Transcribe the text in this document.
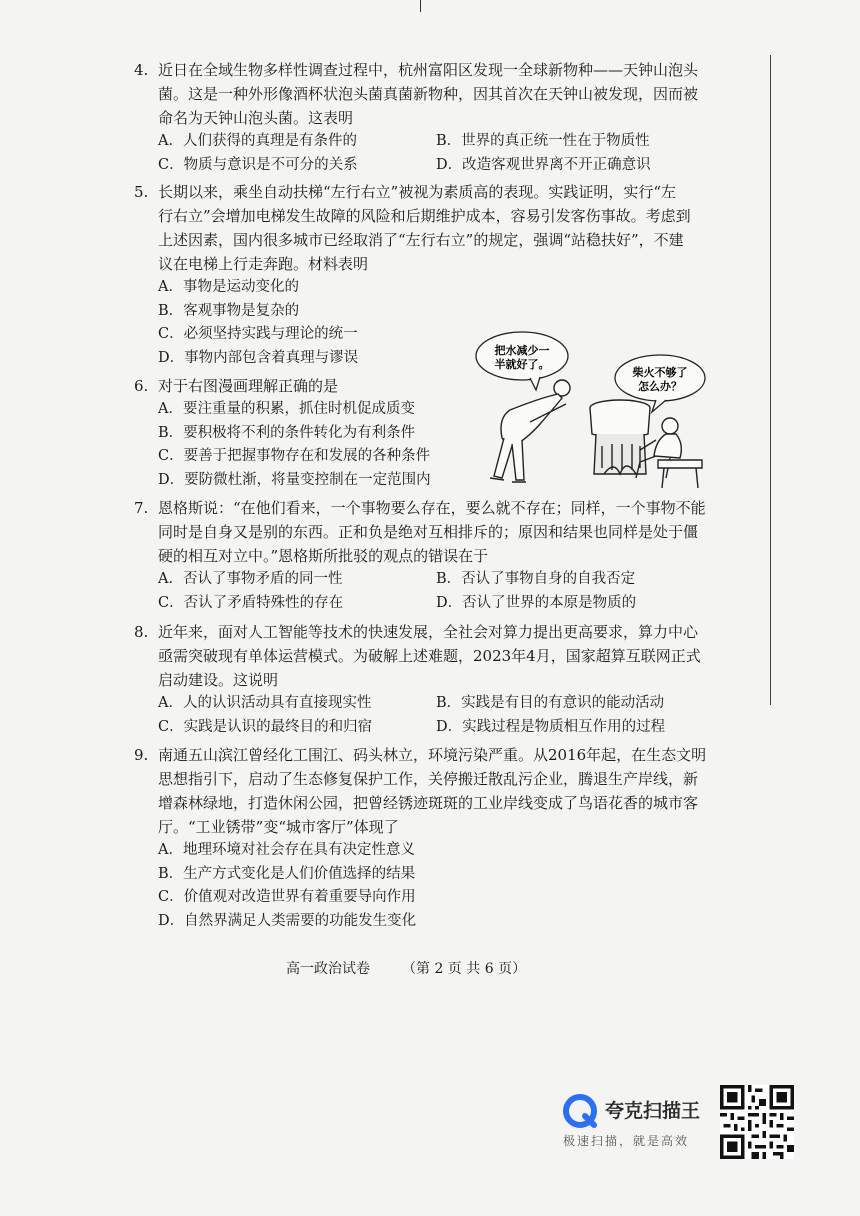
4. 近日在全域生物多样性调查过程中，杭州富阳区发现一全球新物种——天钟山泡头

菌。这是一种外形像酒杯状泡头菌真菌新物种，因其首次在天钟山被发现，因而被

命名为天钟山泡头菌。这表明

A．人们获得的真理是有条件的	B．世界的真正统一性在于物质性
C．物质与意识是不可分的关系	D．改造客观世界离不开正确意识

5. 长期以来，乘坐自动扶梯“左行右立”被视为素质高的表现。实践证明，实行“左

行右立”会增加电梯发生故障的风险和后期维护成本，容易引发客伤事故。考虑到

上述因素，国内很多城市已经取消了“左行右立”的规定，强调“站稳扶好”，不建

议在电梯上行走奔跑。材料表明

A．事物是运动变化的
B．客观事物是复杂的
C．必须坚持实践与理论的统一
D．事物内部包含着真理与谬误

6. 对于右图漫画理解正确的是

A．要注重量的积累，抓住时机促成质变
B．要积极将不利的条件转化为有利条件
C．要善于把握事物存在和发展的各种条件
D．要防微杜渐，将量变控制在一定范围内
把水减少一
半就好了。
柴火不够了
怎么办？

7. 恩格斯说：“在他们看来，一个事物要么存在，要么就不存在；同样，一个事物不能

同时是自身又是别的东西。正和负是绝对互相排斥的；原因和结果也同样是处于僵

硬的相互对立中。”恩格斯所批驳的观点的错误在于

A．否认了事物矛盾的同一性	B．否认了事物自身的自我否定
C．否认了矛盾特殊性的存在	D．否认了世界的本原是物质的

8. 近年来，面对人工智能等技术的快速发展，全社会对算力提出更高要求，算力中心

亟需突破现有单体运营模式。为破解上述难题，2023年4月，国家超算互联网正式

启动建设。这说明

A．人的认识活动具有直接现实性	B．实践是有目的有意识的能动活动
C．实践是认识的最终目的和归宿	D．实践过程是物质相互作用的过程

9. 南通五山滨江曾经化工围江、码头林立，环境污染严重。从2016年起，在生态文明

思想指引下，启动了生态修复保护工作，关停搬迁散乱污企业，腾退生产岸线，新

增森林绿地，打造休闲公园，把曾经锈迹斑斑的工业岸线变成了鸟语花香的城市客

厅。“工业锈带”变“城市客厅”体现了

A．地理环境对社会存在具有决定性意义
B．生产方式变化是人们价值选择的结果
C．价值观对改造世界有着重要导向作用
D．自然界满足人类需要的功能发生变化
高一政治试卷 （第 2 页 共 6 页）
夸克扫描王
极速扫描，就是高效
